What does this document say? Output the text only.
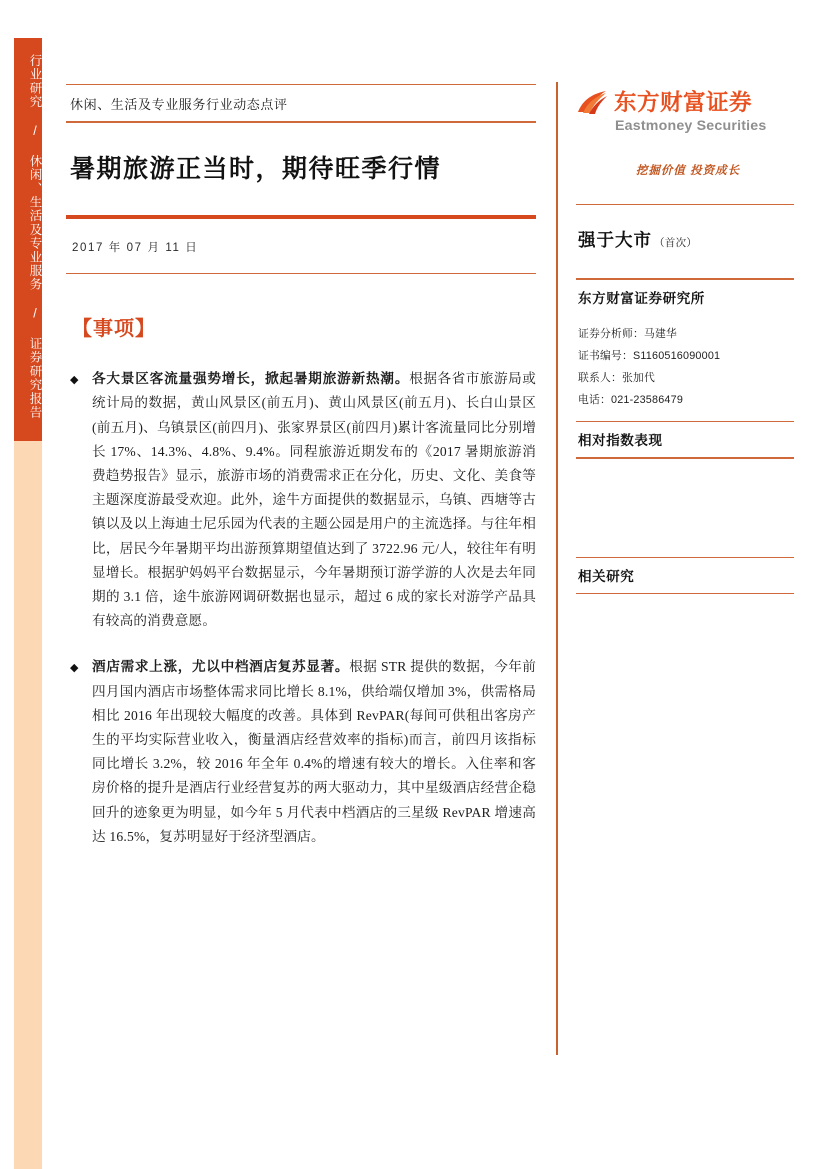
行业研究 / 休闲、生活及专业服务 / 证券研究报告	休闲、生活及专业服务行业动态点评
暑期旅游正当时，期待旺季行情
2017 年 07 月 11 日
【事项】
◆ 各大景区客流量强势增长，掀起暑期旅游新热潮。根据各省市旅游局或统计局的数据，黄山风景区(前五月)、黄山风景区(前五月)、长白山景区(前五月)、乌镇景区(前四月)、张家界景区(前四月)累计客流量同比分别增长 17%、14.3%、4.8%、9.4%。同程旅游近期发布的《2017 暑期旅游消费趋势报告》显示，旅游市场的消费需求正在分化，历史、文化、美食等主题深度游最受欢迎。此外，途牛方面提供的数据显示，乌镇、西塘等古镇以及以上海迪士尼乐园为代表的主题公园是用户的主流选择。与往年相比，居民今年暑期平均出游预算期望值达到了 3722.96 元/人，较往年有明显增长。根据驴妈妈平台数据显示，今年暑期预订游学游的人次是去年同期的 3.1 倍，途牛旅游网调研数据也显示，超过 6 成的家长对游学产品具有较高的消费意愿。
◆ 酒店需求上涨，尤以中档酒店复苏显著。根据 STR 提供的数据，今年前四月国内酒店市场整体需求同比增长 8.1%，供给端仅增加 3%，供需格局相比 2016 年出现较大幅度的改善。具体到 RevPAR(每间可供租出客房产生的平均实际营业收入，衡量酒店经营效率的指标)而言，前四月该指标同比增长 3.2%，较 2016 年全年 0.4%的增速有较大的增长。入住率和客房价格的提升是酒店行业经营复苏的两大驱动力，其中星级酒店经营企稳回升的迹象更为明显，如今年 5 月代表中档酒店的三星级 RevPAR 增速高达 16.5%，复苏明显好于经济型酒店。
东方财富证券
Eastmoney Securities
挖掘价值 投资成长
强于大市 （首次）
东方财富证券研究所
证券分析师：马建华
证书编号：S1160516090001
联系人：张加代
电话：021-23586479
相对指数表现
相关研究
